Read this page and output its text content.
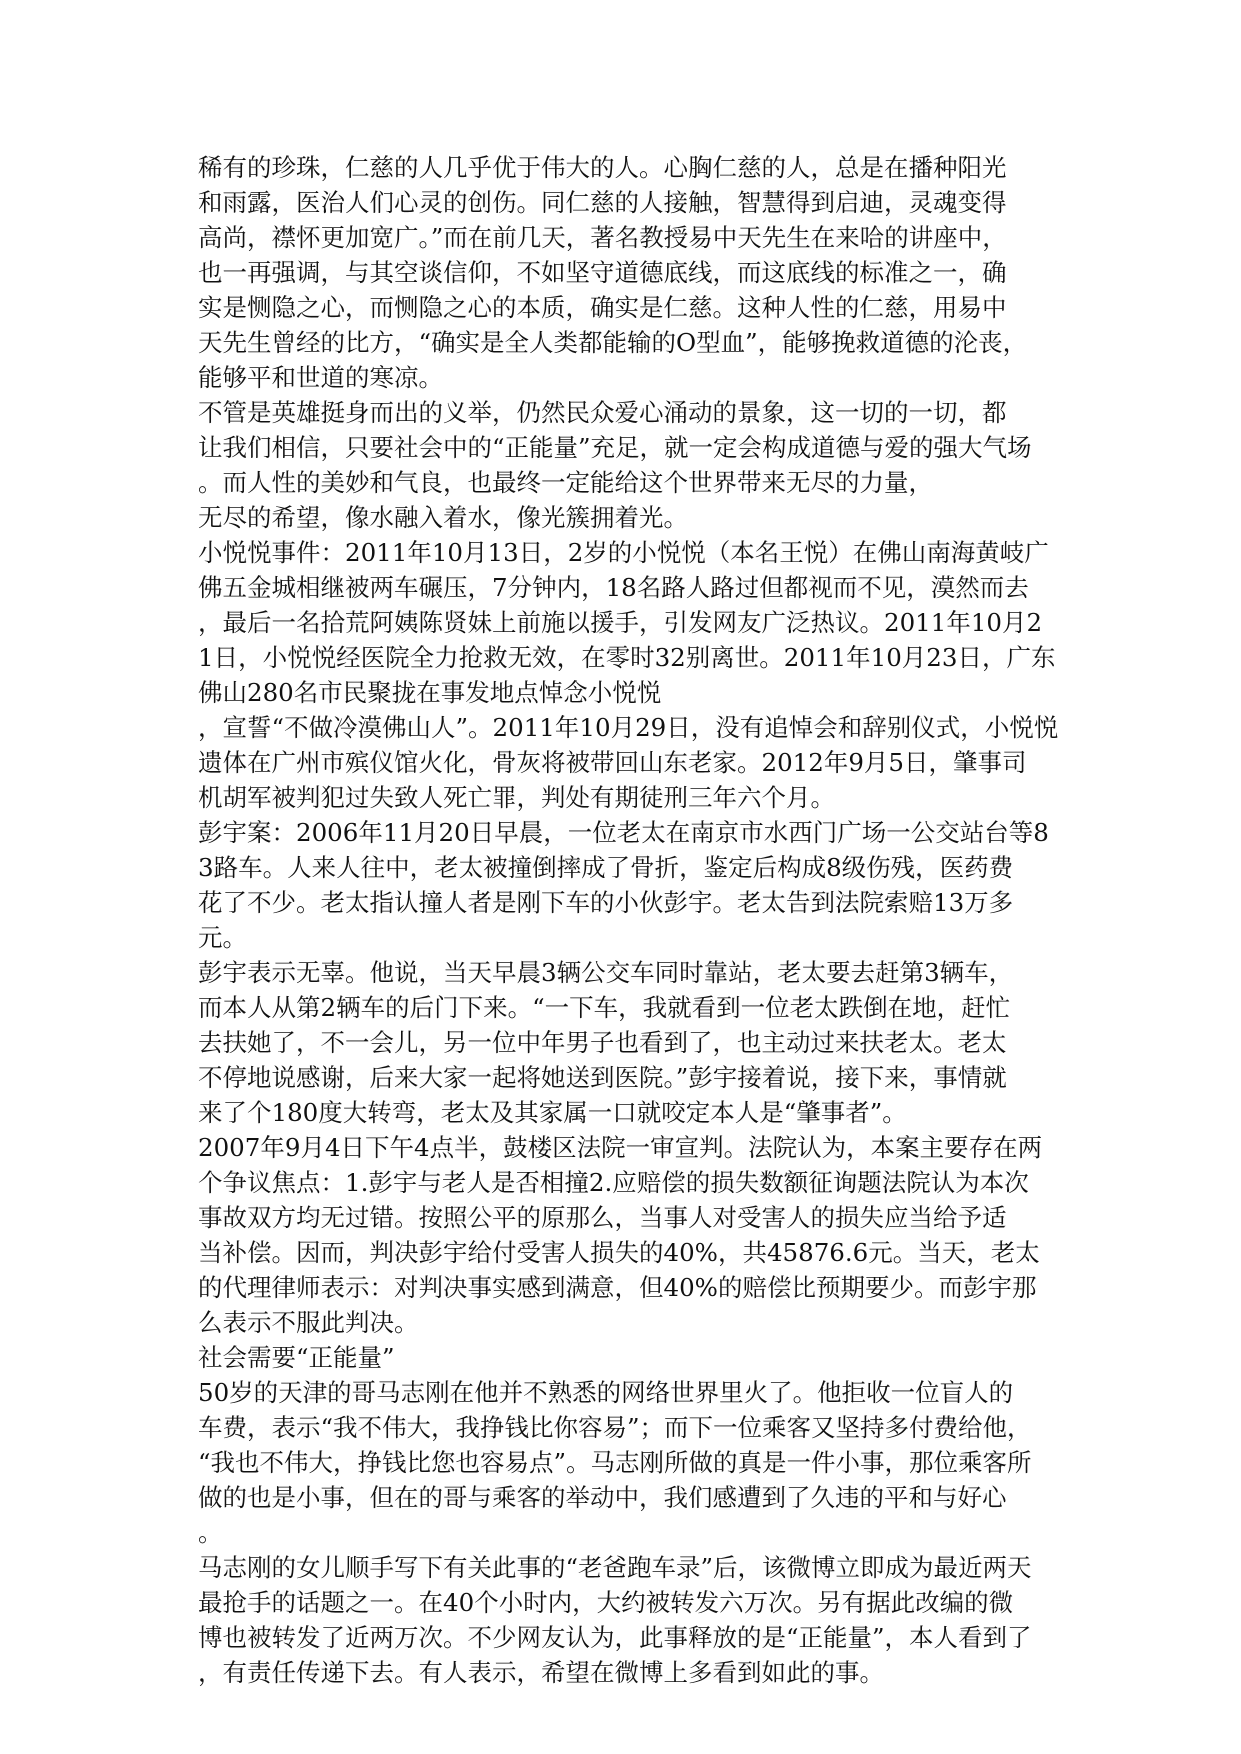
稀有的珍珠，仁慈的人几乎优于伟大的人。心胸仁慈的人，总是在播种阳光
和雨露，医治人们心灵的创伤。同仁慈的人接触，智慧得到启迪，灵魂变得
高尚，襟怀更加宽广。”而在前几天，著名教授易中天先生在来哈的讲座中，
也一再强调，与其空谈信仰，不如坚守道德底线，而这底线的标准之一，确
实是恻隐之心，而恻隐之心的本质，确实是仁慈。这种人性的仁慈，用易中
天先生曾经的比方，“确实是全人类都能输的O型血”，能够挽救道德的沦丧，
能够平和世道的寒凉。
不管是英雄挺身而出的义举，仍然民众爱心涌动的景象，这一切的一切，都
让我们相信，只要社会中的“正能量”充足，就一定会构成道德与爱的强大气场
。而人性的美妙和气良，也最终一定能给这个世界带来无尽的力量，
无尽的希望，像水融入着水，像光簇拥着光。
小悦悦事件：2011年10月13日，2岁的小悦悦（本名王悦）在佛山南海黄岐广
佛五金城相继被两车碾压，7分钟内，18名路人路过但都视而不见，漠然而去
，最后一名拾荒阿姨陈贤妹上前施以援手，引发网友广泛热议。2011年10月2
1日，小悦悦经医院全力抢救无效，在零时32别离世。2011年10月23日，广东
佛山280名市民聚拢在事发地点悼念小悦悦
，宣誓“不做冷漠佛山人”。2011年10月29日，没有追悼会和辞别仪式，小悦悦
遗体在广州市殡仪馆火化，骨灰将被带回山东老家。2012年9月5日，肇事司
机胡军被判犯过失致人死亡罪，判处有期徒刑三年六个月。
彭宇案：2006年11月20日早晨，一位老太在南京市水西门广场一公交站台等8
3路车。人来人往中，老太被撞倒摔成了骨折，鉴定后构成8级伤残，医药费
花了不少。老太指认撞人者是刚下车的小伙彭宇。老太告到法院索赔13万多
元。
彭宇表示无辜。他说，当天早晨3辆公交车同时靠站，老太要去赶第3辆车，
而本人从第2辆车的后门下来。“一下车，我就看到一位老太跌倒在地，赶忙
去扶她了，不一会儿，另一位中年男子也看到了，也主动过来扶老太。老太
不停地说感谢，后来大家一起将她送到医院。”彭宇接着说，接下来，事情就
来了个180度大转弯，老太及其家属一口就咬定本人是“肇事者”。
2007年9月4日下午4点半，鼓楼区法院一审宣判。法院认为，本案主要存在两
个争议焦点：1.彭宇与老人是否相撞2.应赔偿的损失数额征询题法院认为本次
事故双方均无过错。按照公平的原那么，当事人对受害人的损失应当给予适
当补偿。因而，判决彭宇给付受害人损失的40%，共45876.6元。当天，老太
的代理律师表示：对判决事实感到满意，但40%的赔偿比预期要少。而彭宇那
么表示不服此判决。
社会需要“正能量”
50岁的天津的哥马志刚在他并不熟悉的网络世界里火了。他拒收一位盲人的
车费，表示“我不伟大，我挣钱比你容易”；而下一位乘客又坚持多付费给他，
“我也不伟大，挣钱比您也容易点”。马志刚所做的真是一件小事，那位乘客所
做的也是小事，但在的哥与乘客的举动中，我们感遭到了久违的平和与好心
。
马志刚的女儿顺手写下有关此事的“老爸跑车录”后，该微博立即成为最近两天
最抢手的话题之一。在40个小时内，大约被转发六万次。另有据此改编的微
博也被转发了近两万次。不少网友认为，此事释放的是“正能量”，本人看到了
，有责任传递下去。有人表示，希望在微博上多看到如此的事。
